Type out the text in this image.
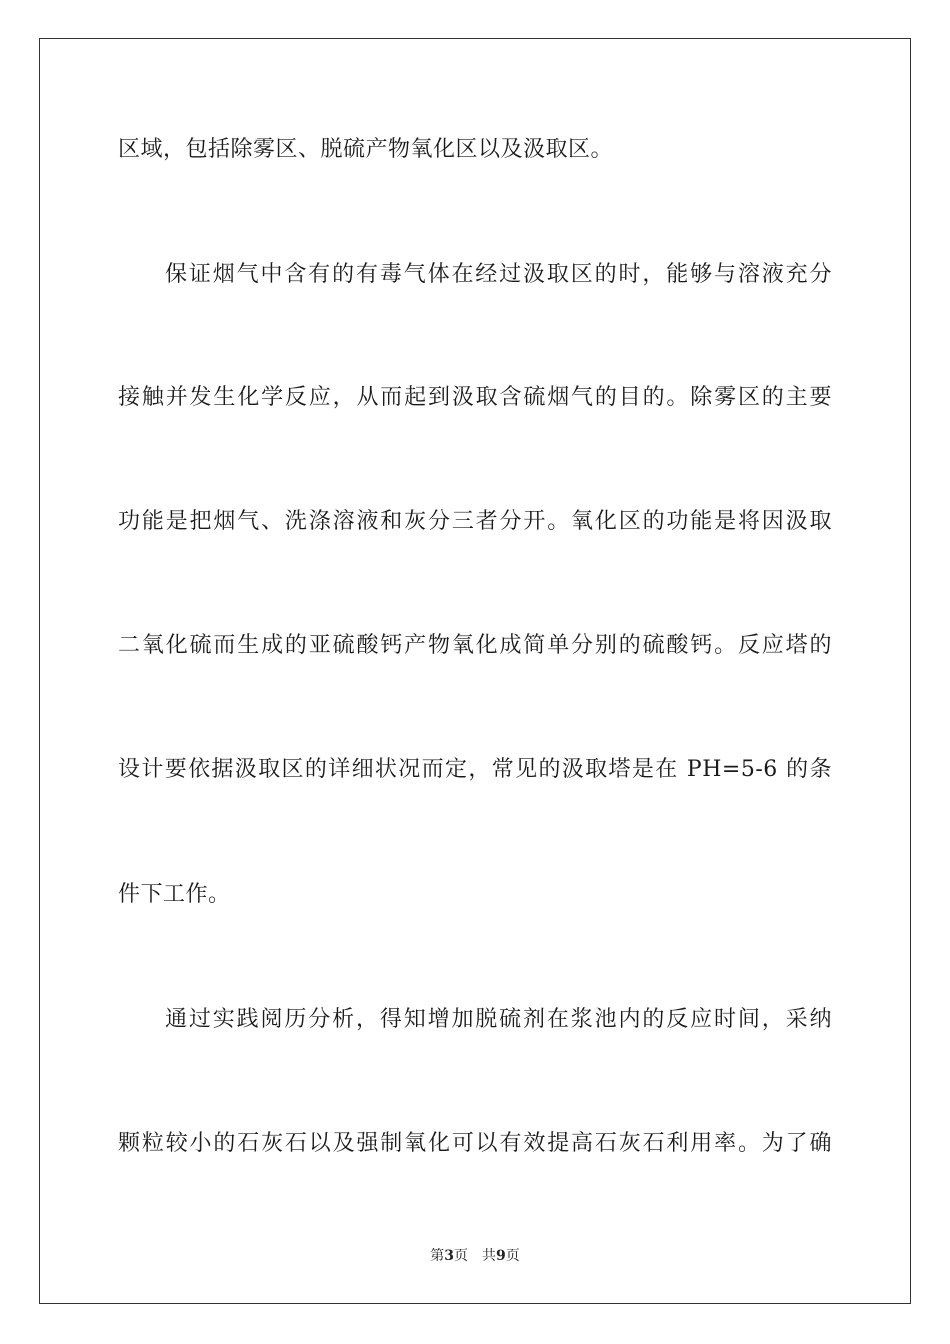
区域，包括除雾区、脱硫产物氧化区以及汲取区。
保证烟气中含有的有毒气体在经过汲取区的时，能够与溶液充分
接触并发生化学反应，从而起到汲取含硫烟气的目的。除雾区的主要
功能是把烟气、洗涤溶液和灰分三者分开。氧化区的功能是将因汲取
二氧化硫而生成的亚硫酸钙产物氧化成简单分别的硫酸钙。反应塔的
设计要依据汲取区的详细状况而定，常见的汲取塔是在 PH=5-6 的条
件下工作。
通过实践阅历分析，得知增加脱硫剂在浆池内的反应时间，采纳
颗粒较小的石灰石以及强制氧化可以有效提高石灰石利用率。为了确
第3页 共9页
